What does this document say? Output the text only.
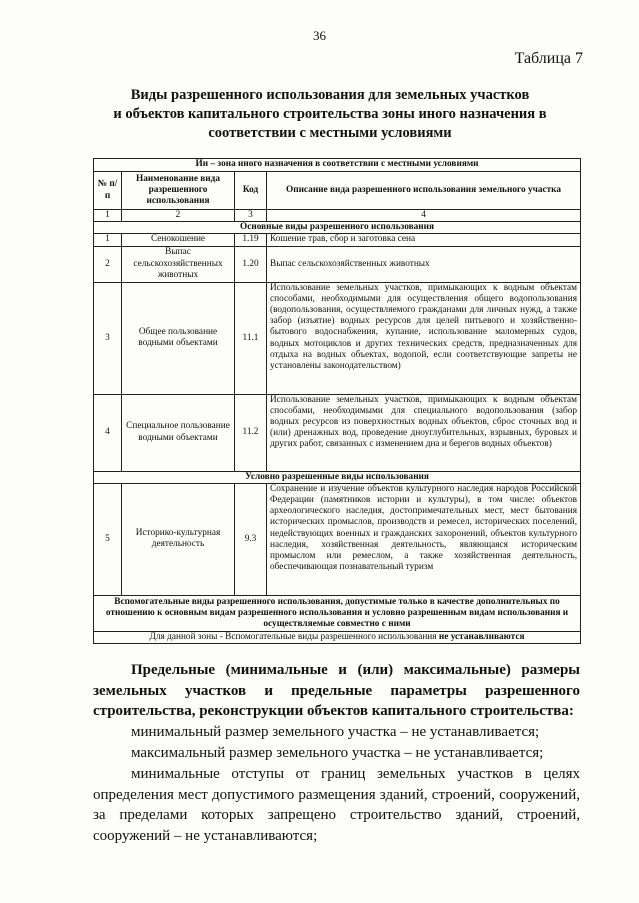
36
Таблица 7
Виды разрешенного использования для земельных участков
и объектов капитального строительства зоны иного назначения в
соответствии с местными условиями
Ин – зона иного назначения в соответствии с местными условиями			
№ п/п	Наименование вида разрешенного использования	Код	Описание вида разрешенного использования земельного участка
1	2	3	4
Основные виды разрешенного использования			
1	Сенокошение	1.19	Кошение трав, сбор и заготовка сена
2	Выпас сельскохозяйственных животных	1.20	Выпас сельскохозяйственных животных
3	Общее пользование водными объектами	11.1	Использование земельных участков, примыкающих к водным объектам способами, необходимыми для осуществления общего водопользования (водопользования, осуществляемого гражданами для личных нужд, а также забор (изъятие) водных ресурсов для целей питьевого и хозяйственно-бытового водоснабжения, купание, использование маломерных судов, водных мотоциклов и других технических средств, предназначенных для отдыха на водных объектах, водопой, если соответствующие запреты не установлены законодательством)
4	Специальное пользование водными объектами	11.2	Использование земельных участков, примыкающих к водным объектам способами, необходимыми для специального водопользования (забор водных ресурсов из поверхностных водных объектов, сброс сточных вод и (или) дренажных вод, проведение дноуглубительных, взрывных, буровых и других работ, связанных с изменением дна и берегов водных объектов)
Условно разрешенные виды использования			
5	Историко-культурная деятельность	9.3	Сохранение и изучение объектов культурного наследия народов Российской Федерации (памятников истории и культуры), в том числе: объектов археологического наследия, достопримечательных мест, мест бытования исторических промыслов, производств и ремесел, исторических поселений, недействующих военных и гражданских захоронений, объектов культурного наследия, хозяйственная деятельность, являющаяся историческим промыслом или ремеслом, а также хозяйственная деятельность, обеспечивающая познавательный туризм
Вспомогательные виды разрешенного использования, допустимые только в качестве дополнительных по отношению к основным видам разрешенного использования и условно разрешенным видам использования и осуществляемые совместно с ними			
Для данной зоны - Вспомогательные виды разрешенного использования не устанавливаются			
Предельные (минимальные и (или) максимальные) размеры земельных участков и предельные параметры разрешенного строительства, реконструкции объектов капитального строительства:
минимальный размер земельного участка – не устанавливается;
максимальный размер земельного участка – не устанавливается;
минимальные отступы от границ земельных участков в целях определения мест допустимого размещения зданий, строений, сооружений, за пределами которых запрещено строительство зданий, строений, сооружений – не устанавливаются;
